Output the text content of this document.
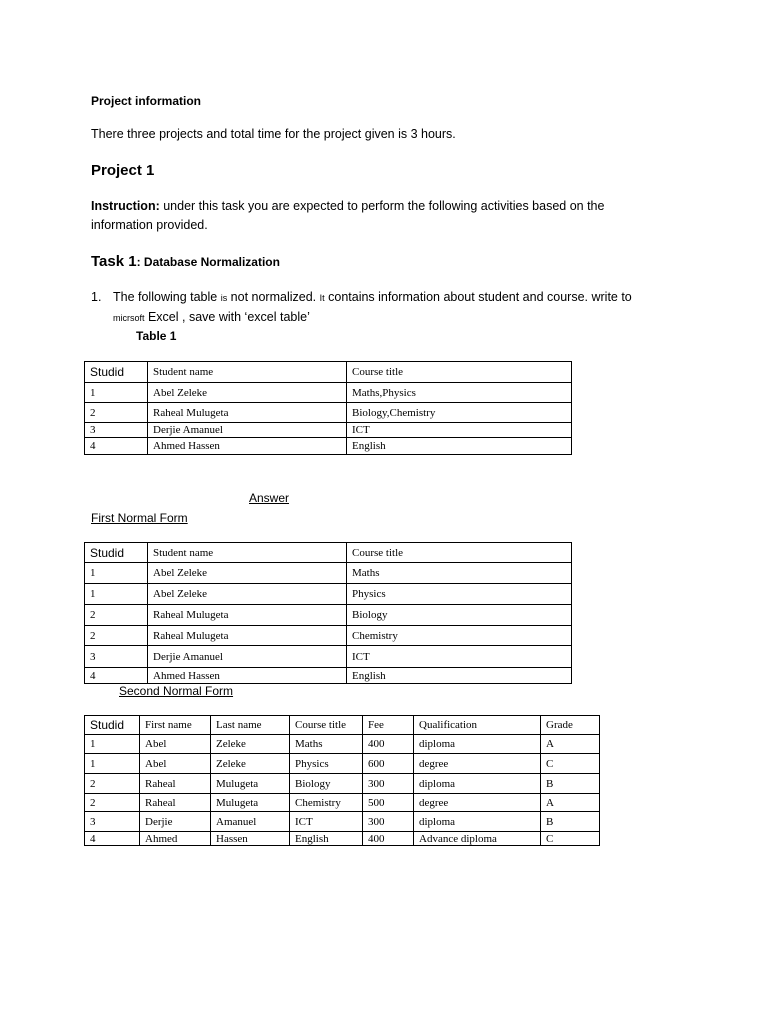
Project information
There three projects and total time for the project given is 3 hours.
Project 1
Instruction: under this task you are expected to perform the following activities based on the
information provided.
Task 1: Database Normalization
1. The following table is not normalized. It contains information about student and course. write to
micrsoft Excel , save with ‘excel table’
Table 1
Studid	Student name	Course title
1	Abel Zeleke	Maths,Physics
2	Raheal Mulugeta	Biology,Chemistry
3	Derjie Amanuel	ICT
4	Ahmed Hassen	English
Answer
First Normal Form
Studid	Student name	Course title
1	Abel Zeleke	Maths
1	Abel Zeleke	Physics
2	Raheal Mulugeta	Biology
2	Raheal Mulugeta	Chemistry
3	Derjie Amanuel	ICT
4	Ahmed Hassen	English
Second Normal Form
Studid	First name	Last name	Course title	Fee	Qualification	Grade
1	Abel	Zeleke	Maths	400	diploma	A
1	Abel	Zeleke	Physics	600	degree	C
2	Raheal	Mulugeta	Biology	300	diploma	B
2	Raheal	Mulugeta	Chemistry	500	degree	A
3	Derjie	Amanuel	ICT	300	diploma	B
4	Ahmed	Hassen	English	400	Advance diploma	C
